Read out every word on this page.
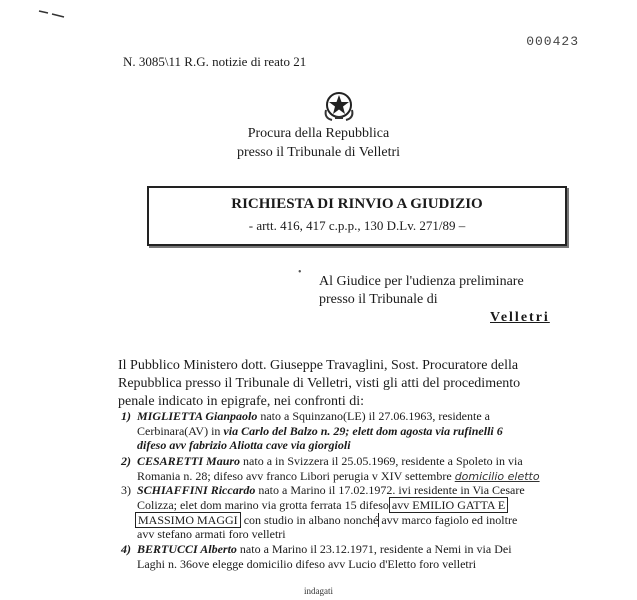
000423
N. 3085\11 R.G. notizie di reato 21
Procura della Repubblica
presso il Tribunale di Velletri
RICHIESTA DI RINVIO A GIUDIZIO
- artt. 416, 417 c.p.p., 130 D.Lv. 271/89 –
•
Al Giudice per l'udienza preliminare
presso il Tribunale di
Velletri
Il Pubblico Ministero dott. Giuseppe Travaglini, Sost. Procuratore della
Repubblica presso il Tribunale di Velletri, visti gli atti del procedimento
penale indicato in epigrafe, nei confronti di:
1) MIGLIETTA Gianpaolo nato a Squinzano(LE) il 27.06.1963, residente a
Cerbinara(AV) in via Carlo del Balzo n. 29; elett dom agosta via rufinelli 6
difeso avv fabrizio Aliotta cave via giorgioli
2) CESARETTI Mauro nato a in Svizzera il 25.05.1969, residente a Spoleto in via
Romania n. 28; difeso avv franco Libori perugia v XIV settembre domicilio eletto
3) SCHIAFFINI Riccardo nato a Marino il 17.02.1972. ivi residente in Via Cesare
Colizza; elet dom marino via grotta ferrata 15 difeso avv EMILIO GATTA E
MASSIMO MAGGI con studio in albano nonché avv marco fagiolo ed inoltre
avv stefano armati foro velletri
4) BERTUCCI Alberto nato a Marino il 23.12.1971, residente a Nemi in via Dei
Laghi n. 36ove elegge domicilio difeso avv Lucio d'Eletto foro velletri
indagati
